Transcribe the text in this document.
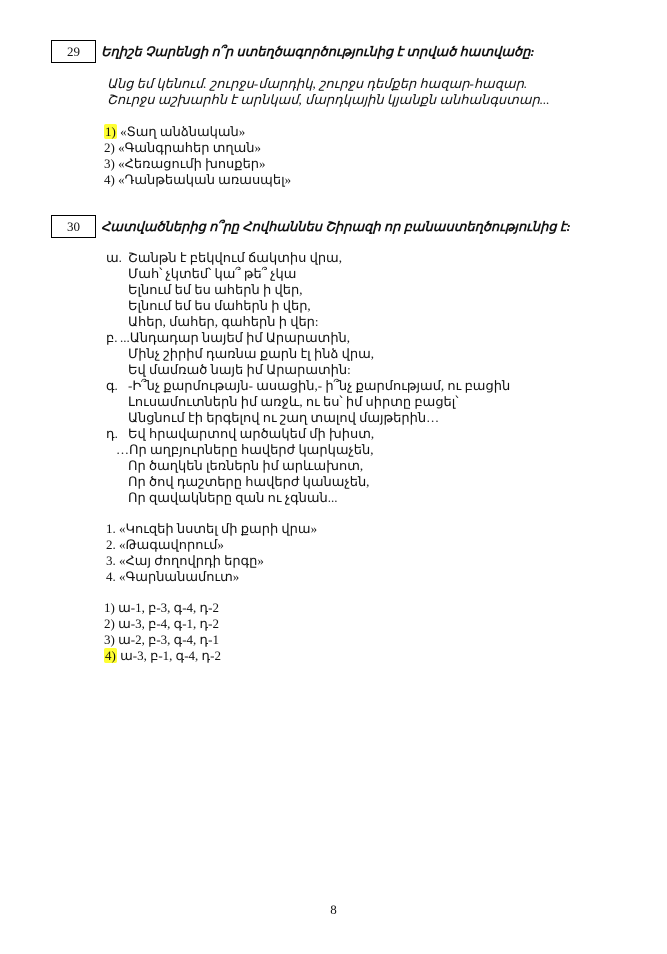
29	Եղիշե Չարենցի ո՞ր ստեղծագործությունից է տրված հատվածը:
Անց եմ կենում. շուրջս-մարդիկ, շուրջս դեմքեր հազար-հազար.
Շուրջս աշխարհն է արնկամ, մարդկային կյանքն անհանգստար...
1) «Տաղ անձնական»
2) «Գանգրահեր տղան»
3) «Հեռացումի խոսքեր»
4) «Դանթեական առասպել»
30	Հատվածներից ո՞րը Հովհաննես Շիրազի որ բանաստեղծությունից է:
ա. Շանթն է բեկվում ճակտիս վրա,
Մահ՝ չկտեմ՝ կա՞ թե՞ չկա
Ելնում եմ ես ահերն ի վեր,
Ելնում եմ ես մահերն ի վեր,
Ահեր, մահեր, գահերն ի վեր:
բ. ...Անդադար նայեմ իմ Արարատին,
Մինչ շիրիմ դառնա քարն էլ ինձ վրա,
Եվ մամռած նայե իմ Արարատին:
գ. -Ի՞նչ քարմութայն- ասացին,- ի՞նչ քարմությամ, ու բացին
Լուսամուտներն իմ առջև, ու ես՝ իմ սիրտը բացել՝
Անցնում էի երգելով ու շաղ տալով մայթերին…
դ. Եվ հրավարտով արծակեմ մի խիստ,
…Որ աղբյուրները հավերժ կարկաչեն,
Որ ծաղկեն լեռներն իմ արևախոտ,
Որ ծով դաշտերը հավերժ կանաչեն,
Որ զավակները զան ու չգնան...
1. «Կուզեի նստել մի քարի վրա»
2. «Թագավորում»
3. «Հայ ժողովրդի երգը»
4. «Գարնանամուտ»
1) ա-1, բ-3, գ-4, դ-2
2) ա-3, բ-4, գ-1, դ-2
3) ա-2, բ-3, գ-4, դ-1
4) ա-3, բ-1, գ-4, դ-2
8
